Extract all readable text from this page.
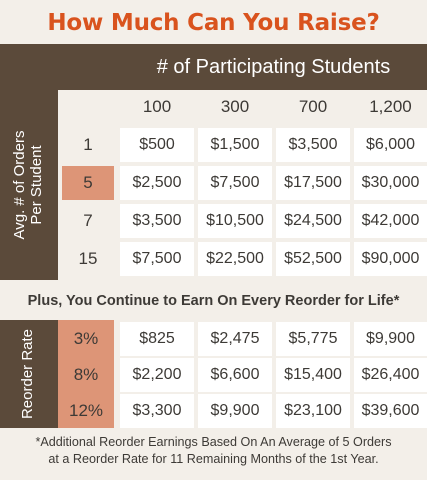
How Much Can You Raise?
# of Participating Students
Avg. # of Orders Per Student
100	300	700	1,200
1	$500	$1,500	$3,500	$6,000
5	$2,500	$7,500	$17,500	$30,000
7	$3,500	$10,500	$24,500	$42,000
15	$7,500	$22,500	$52,500	$90,000
Plus, You Continue to Earn On Every Reorder for Life*
Reorder Rate	3%	$825	$2,475	$5,775	$9,900
8%	$2,200	$6,600	$15,400	$26,400
12%	$3,300	$9,900	$23,100	$39,600
*Additional Reorder Earnings Based On An Average of 5 Orders
at a Reorder Rate for 11 Remaining Months of the 1st Year.
